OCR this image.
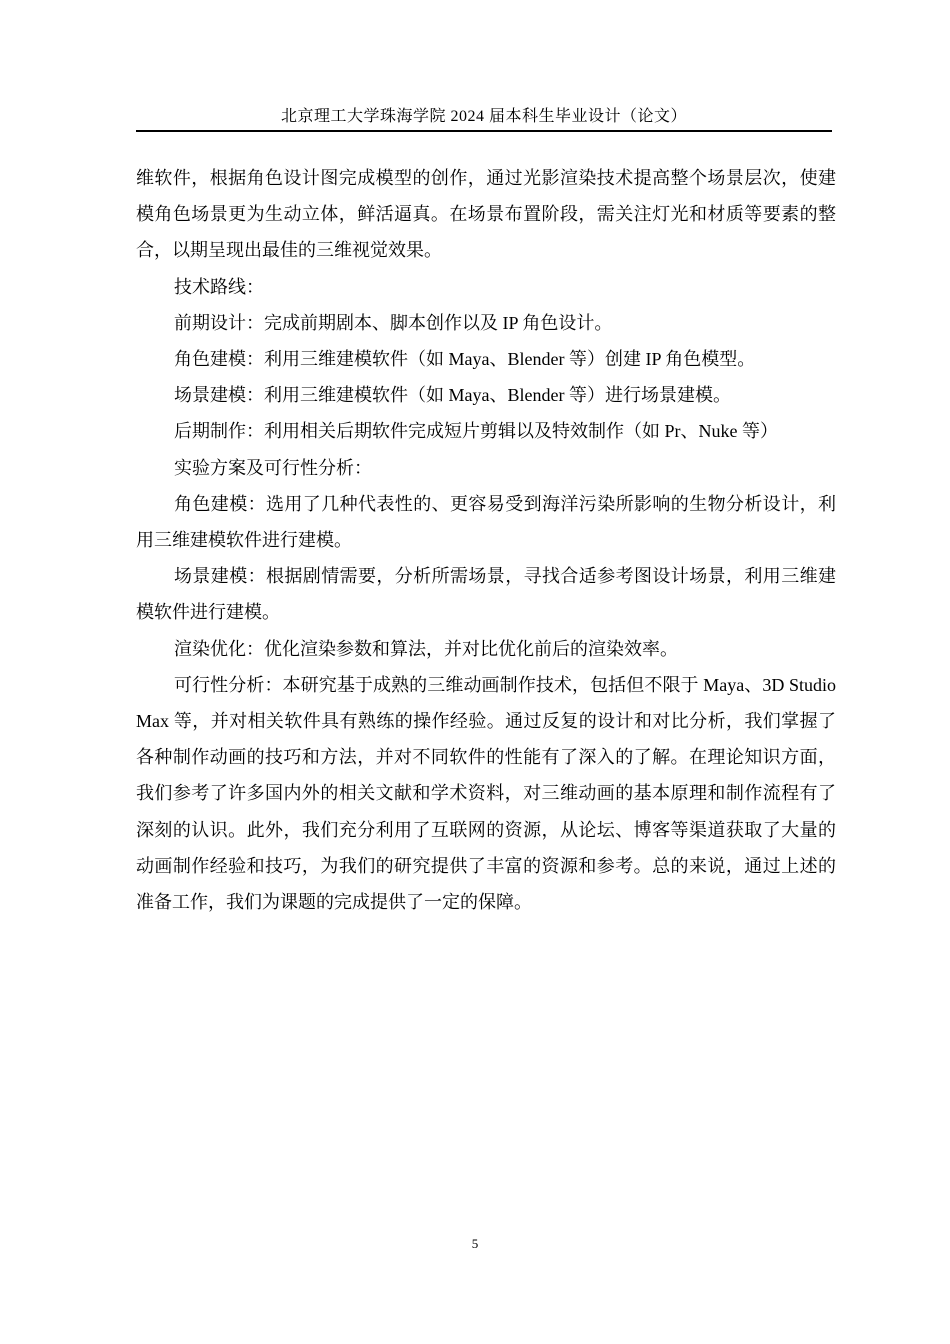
北京理工大学珠海学院 2024 届本科生毕业设计（论文）

维软件，根据角色设计图完成模型的创作，通过光影渲染技术提高整个场景层次，使建模角色场景更为生动立体，鲜活逼真。在场景布置阶段，需关注灯光和材质等要素的整合，以期呈现出最佳的三维视觉效果。

技术路线：

前期设计：完成前期剧本、脚本创作以及 IP 角色设计。

角色建模：利用三维建模软件（如 Maya、Blender 等）创建 IP 角色模型。

场景建模：利用三维建模软件（如 Maya、Blender 等）进行场景建模。

后期制作：利用相关后期软件完成短片剪辑以及特效制作（如 Pr、Nuke 等）

实验方案及可行性分析：

角色建模：选用了几种代表性的、更容易受到海洋污染所影响的生物分析设计，利用三维建模软件进行建模。

场景建模：根据剧情需要，分析所需场景，寻找合适参考图设计场景，利用三维建模软件进行建模。

渲染优化：优化渲染参数和算法，并对比优化前后的渲染效率。

可行性分析：本研究基于成熟的三维动画制作技术，包括但不限于 Maya、3D Studio Max 等，并对相关软件具有熟练的操作经验。通过反复的设计和对比分析，我们掌握了各种制作动画的技巧和方法，并对不同软件的性能有了深入的了解。在理论知识方面，我们参考了许多国内外的相关文献和学术资料，对三维动画的基本原理和制作流程有了深刻的认识。此外，我们充分利用了互联网的资源，从论坛、博客等渠道获取了大量的动画制作经验和技巧，为我们的研究提供了丰富的资源和参考。总的来说，通过上述的准备工作，我们为课题的完成提供了一定的保障。

5
